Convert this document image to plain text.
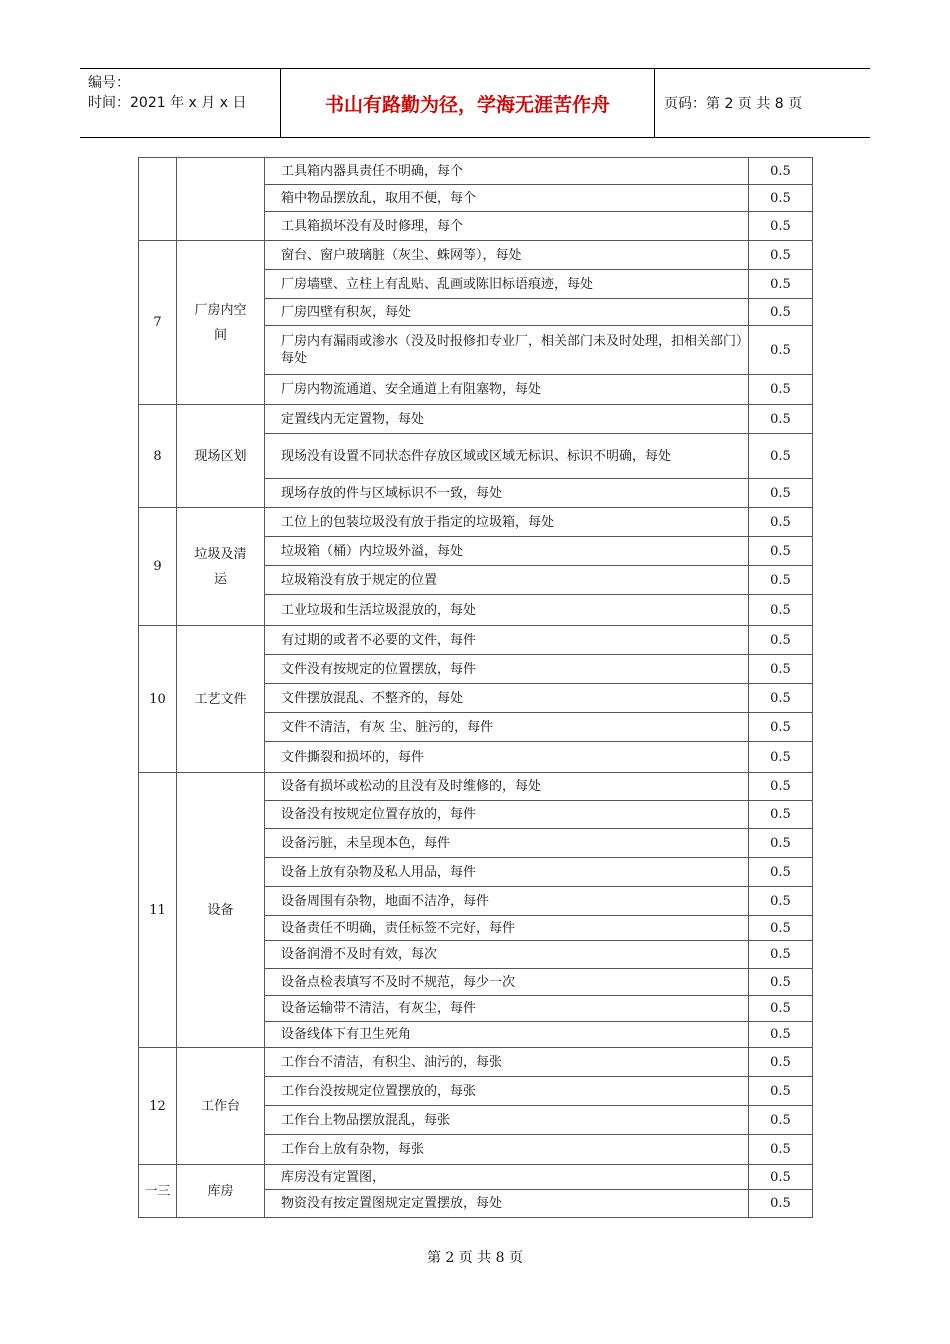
编号：
时间：2021 年 x 月 x 日	书山有路勤为径，学海无涯苦作舟	页码：第 2 页 共 8 页
		工具箱内器具责任不明确，每个	0.5
		箱中物品摆放乱，取用不便，每个	0.5
		工具箱损坏没有及时修理，每个	0.5
7	厂房内空间	窗台、窗户玻璃脏（灰尘、蛛网等），每处	0.5
		厂房墙壁、立柱上有乱贴、乱画或陈旧标语痕迹，每处	0.5
		厂房四壁有积灰，每处	0.5
		厂房内有漏雨或渗水（没及时报修扣专业厂，相关部门未及时处理，扣相关部门）每处	0.5
		厂房内物流通道、安全通道上有阻塞物，每处	0.5
8	现场区划	定置线内无定置物，每处	0.5
		现场没有设置不同状态件存放区域或区域无标识、标识不明确，每处	0.5
		现场存放的件与区域标识不一致，每处	0.5
9	垃圾及清运	工位上的包装垃圾没有放于指定的垃圾箱，每处	0.5
		垃圾箱（桶）内垃圾外溢，每处	0.5
		垃圾箱没有放于规定的位置	0.5
		工业垃圾和生活垃圾混放的，每处	0.5
10	工艺文件	有过期的或者不必要的文件，每件	0.5
		文件没有按规定的位置摆放，每件	0.5
		文件摆放混乱、不整齐的，每处	0.5
		文件不清洁，有灰 尘、脏污的，每件	0.5
		文件撕裂和损坏的，每件	0.5
11	设备	设备有损坏或松动的且没有及时维修的，每处	0.5
		设备没有按规定位置存放的，每件	0.5
		设备污脏，未呈现本色，每件	0.5
		设备上放有杂物及私人用品，每件	0.5
		设备周围有杂物，地面不洁净，每件	0.5
		设备责任不明确，责任标签不完好，每件	0.5
		设备润滑不及时有效，每次	0.5
		设备点检表填写不及时不规范，每少一次	0.5
		设备运输带不清洁，有灰尘，每件	0.5
		设备线体下有卫生死角	0.5
12	工作台	工作台不清洁，有积尘、油污的，每张	0.5
		工作台没按规定位置摆放的，每张	0.5
		工作台上物品摆放混乱，每张	0.5
		工作台上放有杂物，每张	0.5
一三	库房	库房没有定置图，	0.5
		物资没有按定置图规定定置摆放，每处	0.5
第 2 页 共 8 页
